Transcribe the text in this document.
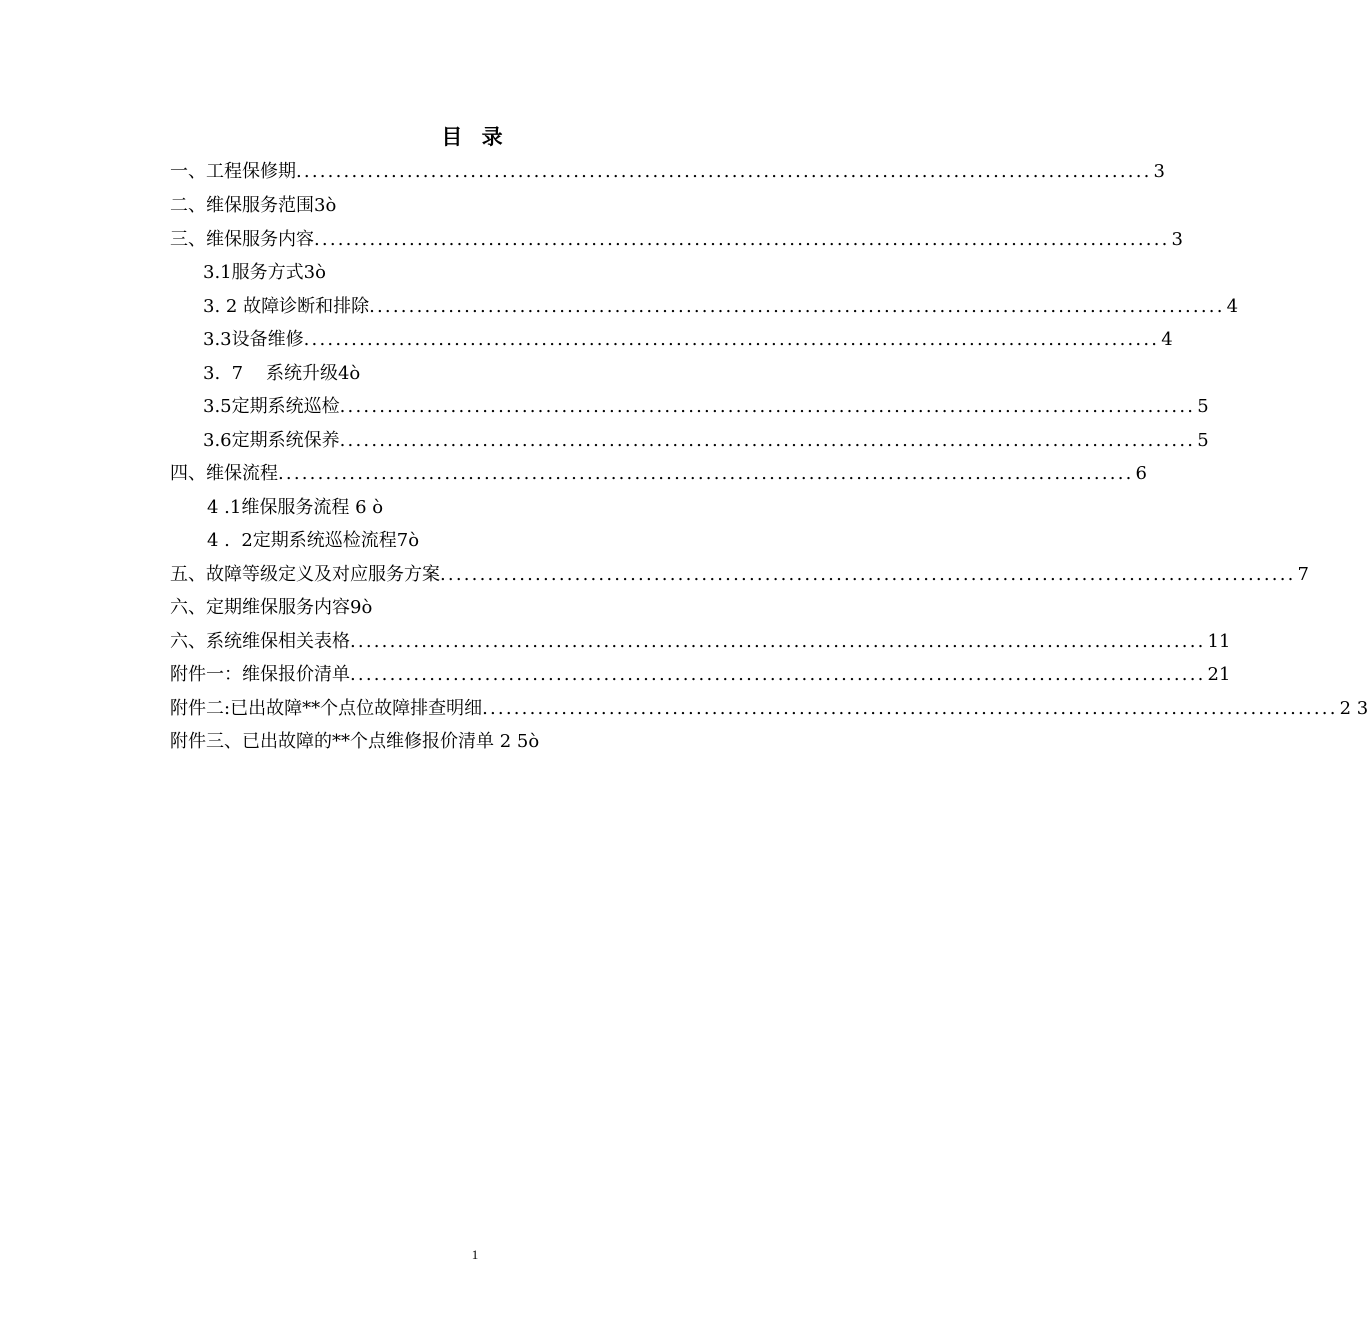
目 录
一、工程保修期 ............................................................................................................ 3
二、维保服务范围3ò
三、维保服务内容 ............................................................................................................ 3
3.1服务方式3ò
3. 2 故障诊断和排除 ............................................................................................................ 4
3.3设备维修 ............................................................................................................ 4
3.  7    系统升级4ò
3.5定期系统巡检 ............................................................................................................ 5
3.6定期系统保养 ............................................................................................................ 5
四、维保流程 ............................................................................................................ 6
4 .1维保服务流程 6 ò
4 .  2定期系统巡检流程7ò
五、故障等级定义及对应服务方案 ............................................................................................................ 7
六、定期维保服务内容9ò
六、系统维保相关表格 ............................................................................................................ 11
附件一：维保报价清单 ............................................................................................................ 21
附件二:已出故障**个点位故障排查明细 ............................................................................................................ 2 3
附件三、已出故障的**个点维修报价清单 2 5ò
1
